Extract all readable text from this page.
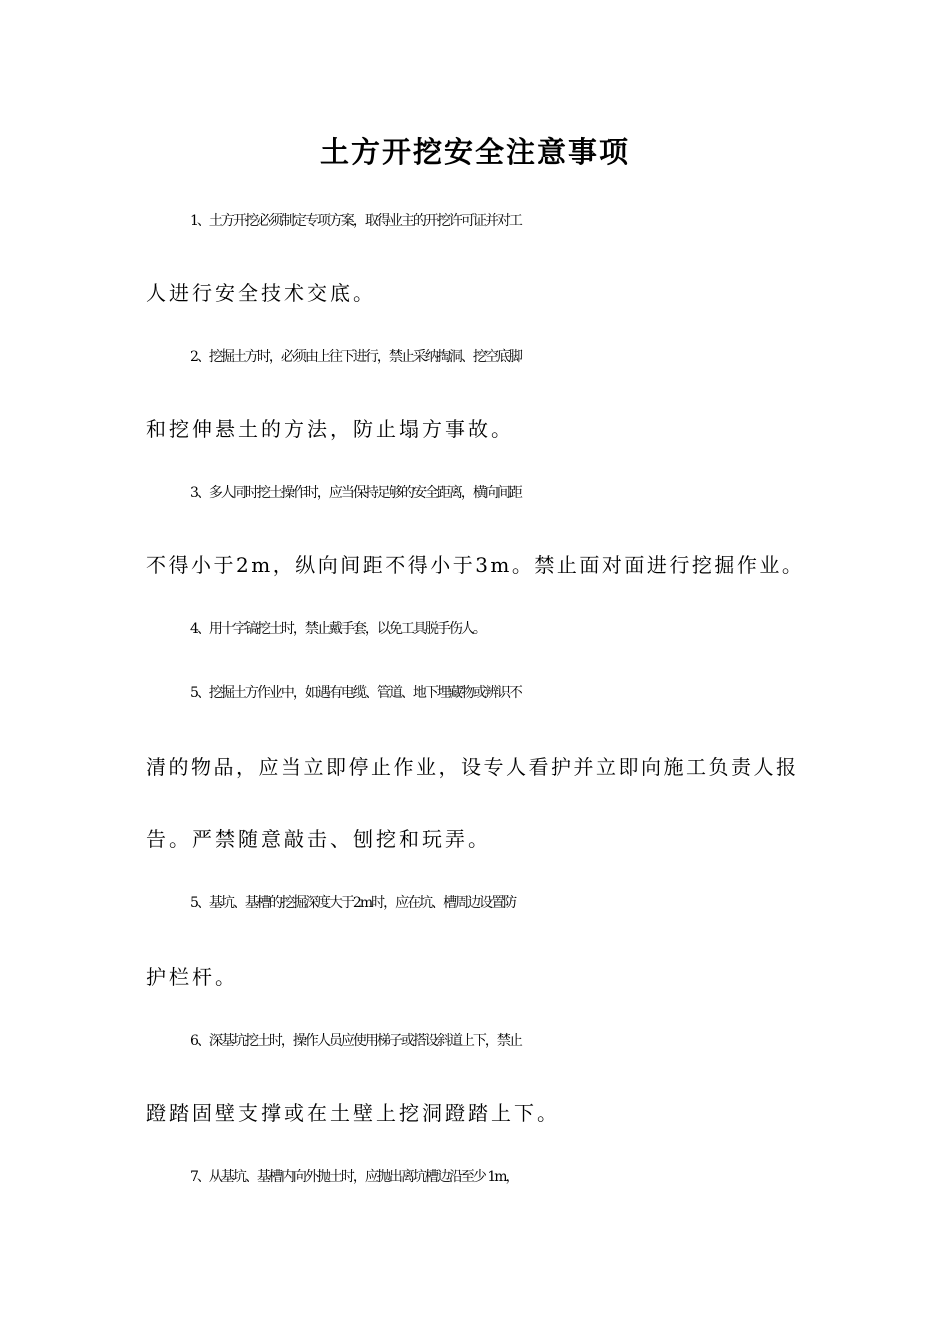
土方开挖安全注意事项
1、土方开挖必须制定专项方案，取得业主的开挖许可证并对工
人进行安全技术交底。
2、挖掘土方时，必须由上往下进行，禁止采纳掏洞、挖空底脚
和挖伸悬土的方法，防止塌方事故。
3、多人同时挖土操作时，应当保持足够的安全距离，横向间距
不得小于2m，纵向间距不得小于3m。禁止面对面进行挖掘作业。
4、用十字镐挖土时，禁止戴手套，以免工具脱手伤人。
5、挖掘土方作业中，如遇有电缆、管道、地下埋藏物或辨识不
清的物品，应当立即停止作业，设专人看护并立即向施工负责人报
告。严禁随意敲击、刨挖和玩弄。
5、基坑、基槽的挖掘深度大于2m时，应在坑、槽周边设置防
护栏杆。
6、深基坑挖土时，操作人员应使用梯子或搭设斜道上下，禁止
蹬踏固壁支撑或在土壁上挖洞蹬踏上下。
7、从基坑、基槽内向外抛土时，应抛出离坑槽边沿至少 1m，
